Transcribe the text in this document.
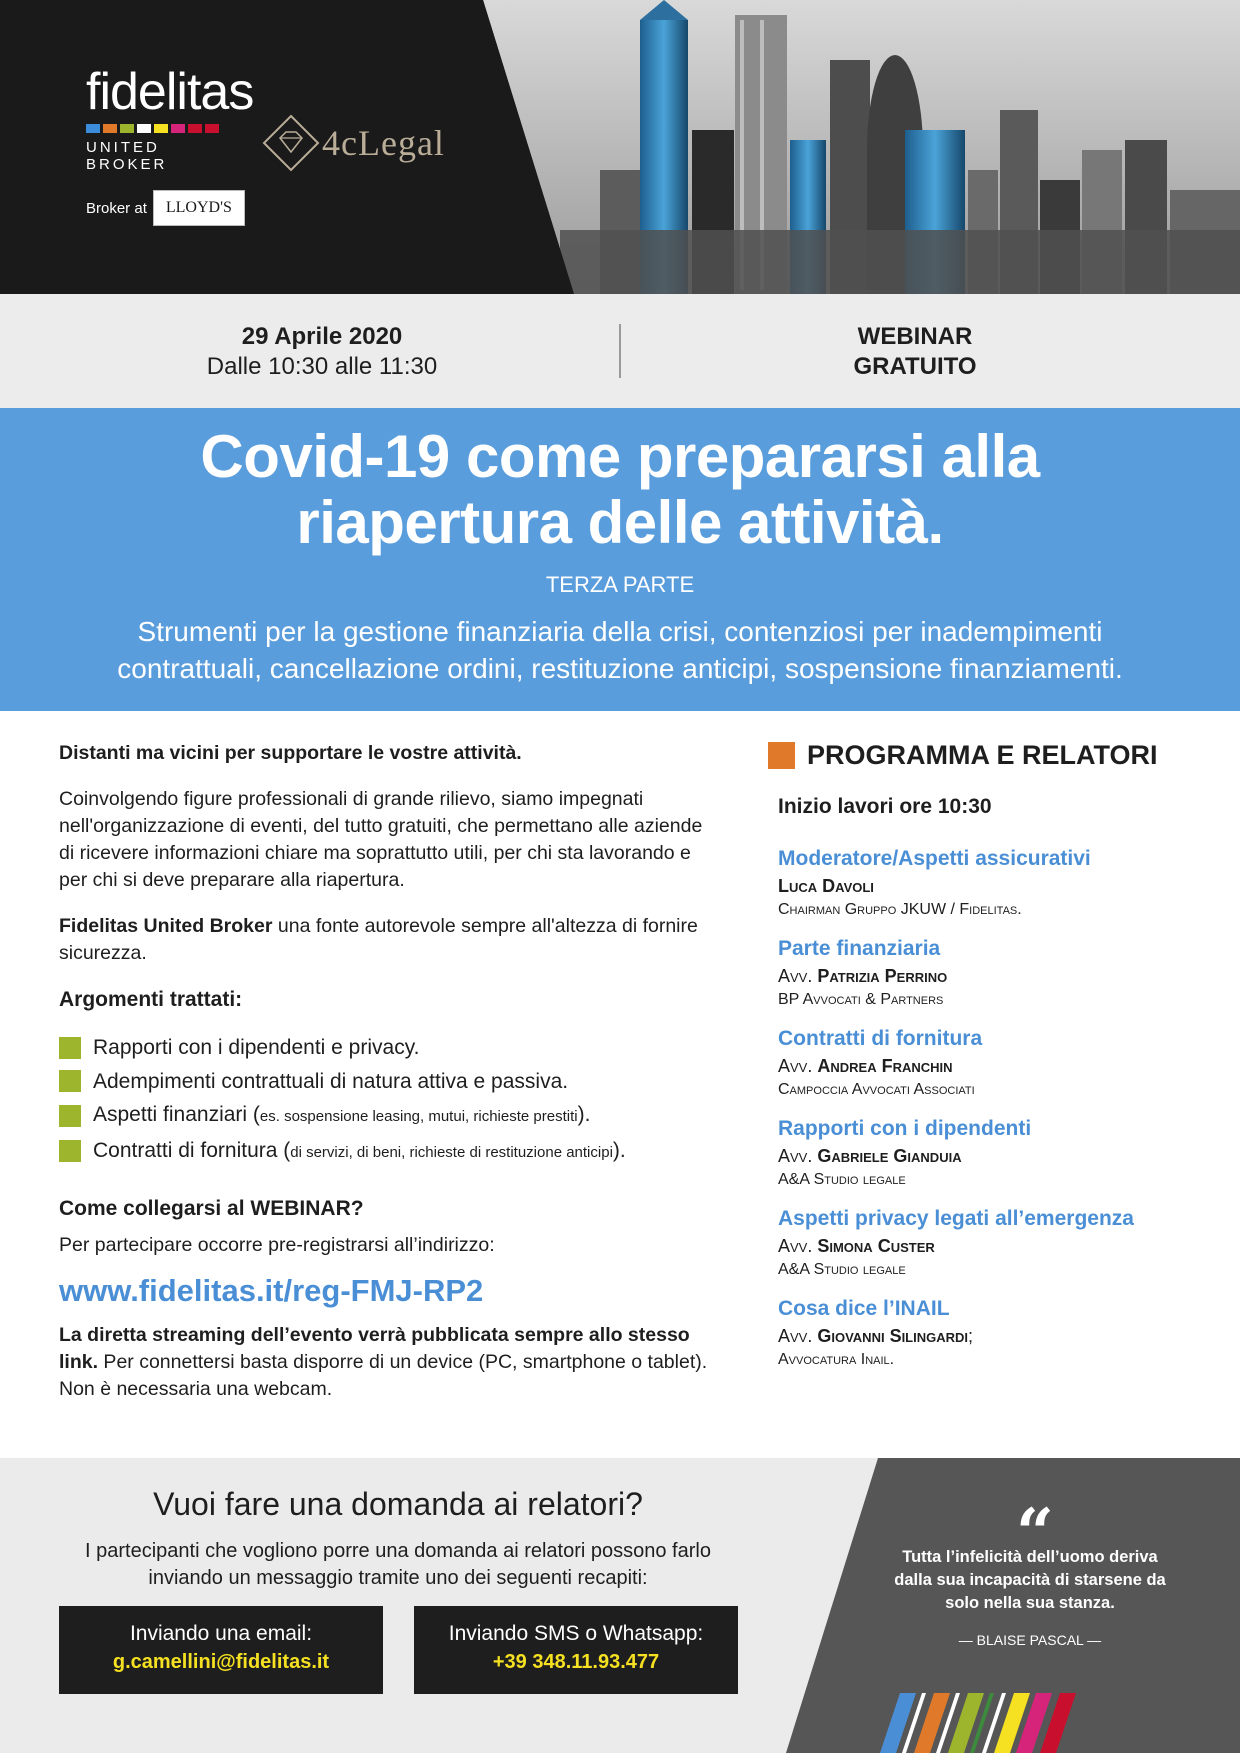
fidelitas
UNITED BROKER
4cLegal
Broker at	LLOYD'S
29 Aprile 2020
Dalle 10:30 alle 11:30
WEBINAR
GRATUITO
Covid-19 come prepararsi alla
riapertura delle attività.
TERZA PARTE
Strumenti per la gestione finanziaria della crisi, contenziosi per inadempimenti
contrattuali, cancellazione ordini, restituzione anticipi, sospensione finanziamenti.

Distanti ma vicini per supportare le vostre attività.

Coinvolgendo figure professionali di grande rilievo, siamo impegnati nell'organizzazione di eventi, del tutto gratuiti, che permettano alle aziende di ricevere informazioni chiare ma soprattutto utili, per chi sta lavorando e per chi si deve preparare alla riapertura.

Fidelitas United Broker una fonte autorevole sempre all'altezza di fornire sicurezza.

Argomenti trattati:
Rapporti con i dipendenti e privacy.
Adempimenti contrattuali di natura attiva e passiva.
Aspetti finanziari (es. sospensione leasing, mutui, richieste prestiti).
Contratti di fornitura (di servizi, di beni, richieste di restituzione anticipi).
Come collegarsi al WEBINAR?
Per partecipare occorre pre-registrarsi all’indirizzo:
www.fidelitas.it/reg-FMJ-RP2

La diretta streaming dell’evento verrà pubblicata sempre allo stesso link. Per connettersi basta disporre di un device (PC, smartphone o tablet). Non è necessaria una webcam.

PROGRAMMA E RELATORI
Inizio lavori ore 10:30
Moderatore/Aspetti assicurativi
Luca Davoli
Chairman Gruppo JKUW / Fidelitas.
Parte finanziaria
Avv. Patrizia Perrino
BP Avvocati & Partners
Contratti di fornitura
Avv. Andrea Franchin
Campoccia Avvocati Associati
Rapporti con i dipendenti
Avv. Gabriele Gianduia
A&A Studio legale
Aspetti privacy legati all’emergenza
Avv. Simona Custer
A&A Studio legale
Cosa dice l’INAIL
Avv. Giovanni Silingardi;
Avvocatura Inail.
Vuoi fare una domanda ai relatori?
I partecipanti che vogliono porre una domanda ai relatori possono farlo
inviando un messaggio tramite uno dei seguenti recapiti:
Inviando una email:
g.camellini@fidelitas.it
Inviando SMS o Whatsapp:
+39 348.11.93.477
“
Tutta l’infelicità dell’uomo deriva
dalla sua incapacità di starsene da
solo nella sua stanza.
— BLAISE PASCAL —
